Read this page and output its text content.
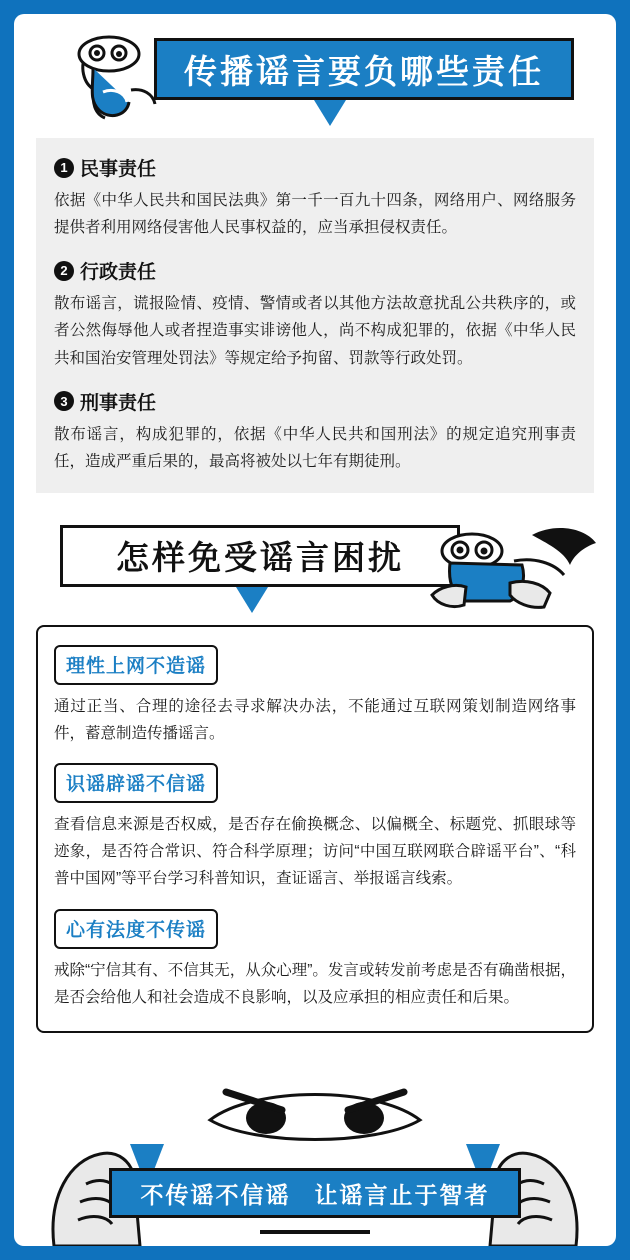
传播谣言要负哪些责任
1 民事责任

依据《中华人民共和国民法典》第一千一百九十四条，网络用户、网络服务提供者利用网络侵害他人民事权益的，应当承担侵权责任。

2 行政责任

散布谣言，谎报险情、疫情、警情或者以其他方法故意扰乱公共秩序的，或者公然侮辱他人或者捏造事实诽谤他人，尚不构成犯罪的，依据《中华人民共和国治安管理处罚法》等规定给予拘留、罚款等行政处罚。

3 刑事责任

散布谣言，构成犯罪的，依据《中华人民共和国刑法》的规定追究刑事责任，造成严重后果的，最高将被处以七年有期徒刑。

怎样免受谣言困扰
理性上网不造谣

通过正当、合理的途径去寻求解决办法，不能通过互联网策划制造网络事件，蓄意制造传播谣言。

识谣辟谣不信谣

查看信息来源是否权威，是否存在偷换概念、以偏概全、标题党、抓眼球等迹象，是否符合常识、符合科学原理；访问“中国互联网联合辟谣平台”、“科普中国网”等平台学习科普知识，查证谣言、举报谣言线索。

心有法度不传谣

戒除“宁信其有、不信其无，从众心理”。发言或转发前考虑是否有确凿根据，是否会给他人和社会造成不良影响，以及应承担的相应责任和后果。

不传谣不信谣 让谣言止于智者
